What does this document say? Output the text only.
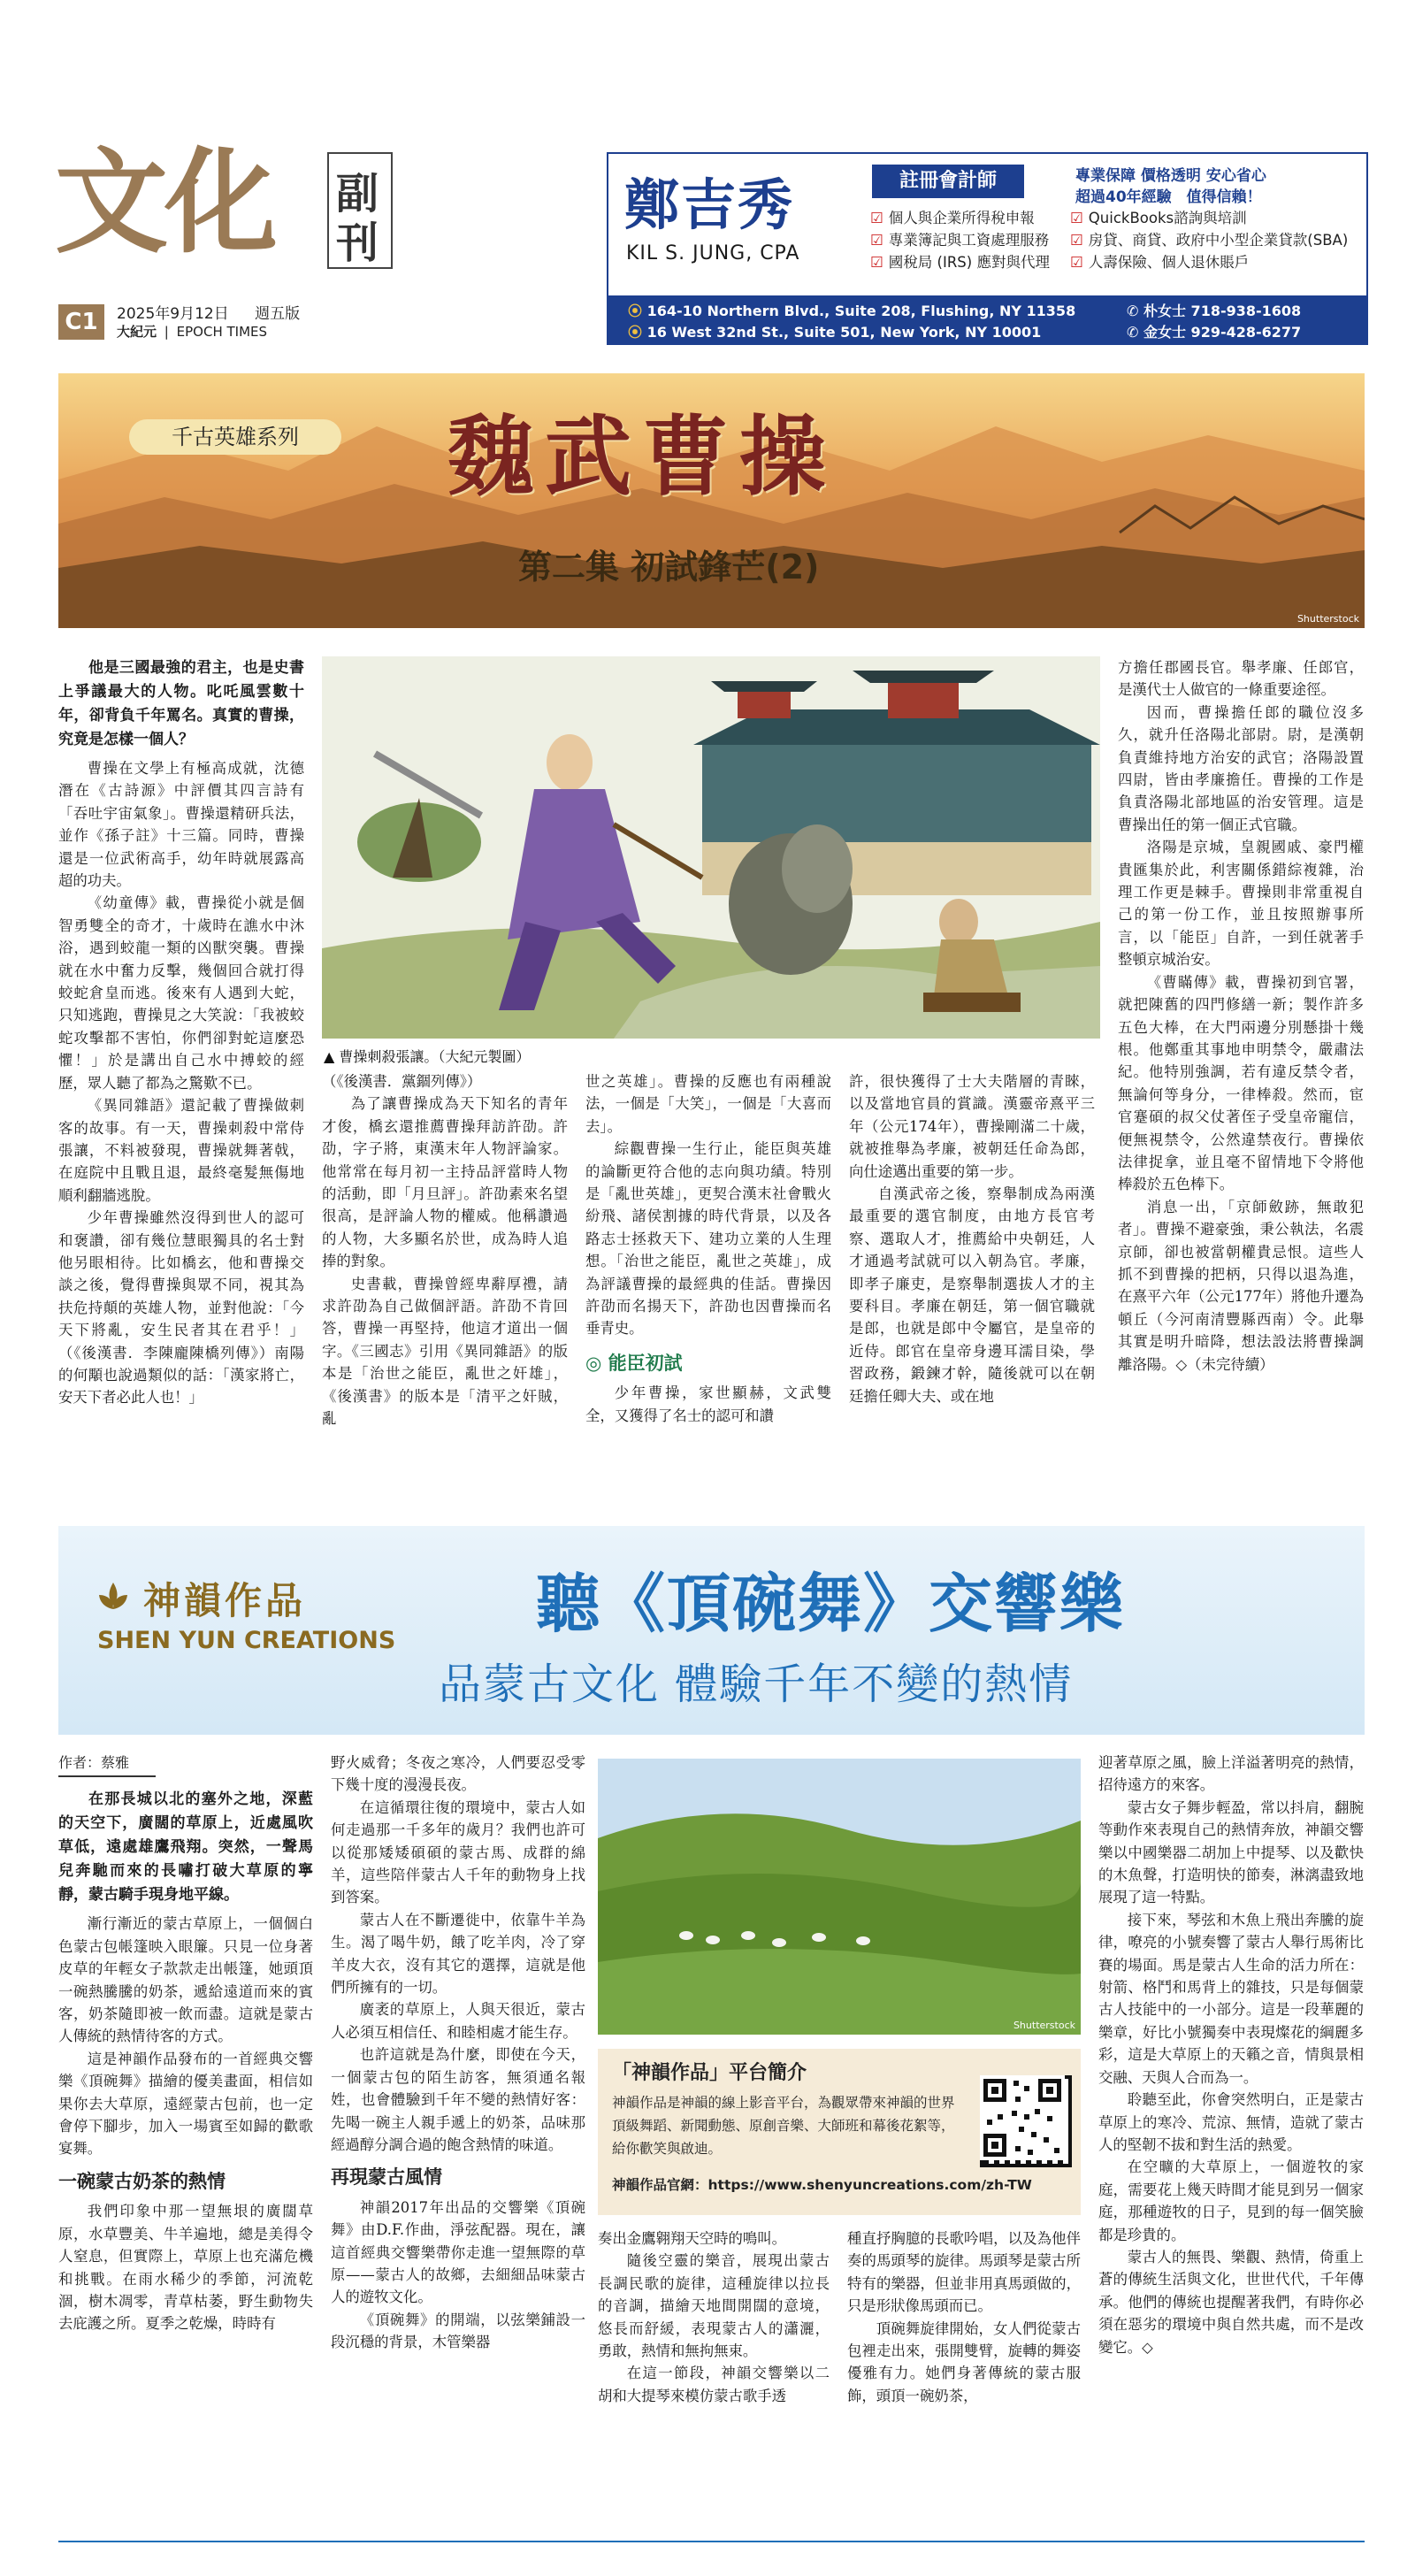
文化 副
刊
C1	2025年9月12日 週五版
大紀元 | EPOCH TIMES
鄭吉秀
KIL S. JUNG, CPA
註冊會計師	專業保障 價格透明 安心省心
超過40年經驗　值得信賴！
☑ 個人與企業所得稅申報
☑ 專業簿記與工資處理服務
☑ 國稅局 (IRS) 應對與代理
☑ QuickBooks諮詢與培訓
☑ 房貸、商貸、政府中小型企業貸款(SBA)
☑ 人壽保險、個人退休賬戶
⦿ 164-10 Northern Blvd., Suite 208, Flushing, NY 11358
⦿ 16 West 32nd St., Suite 501, New York, NY 10001
✆ 朴女士 718-938-1608
✆ 金女士 929-428-6277
千古英雄系列	魏武曹操
第二集 初試鋒芒(2)
Shutterstock

他是三國最強的君主，也是史書上爭議最大的人物。叱吒風雲數十年，卻背負千年罵名。真實的曹操，究竟是怎樣一個人？

曹操在文學上有極高成就，沈德潛在《古詩源》中評價其四言詩有「吞吐宇宙氣象」。曹操還精研兵法，並作《孫子註》十三篇。同時，曹操還是一位武術高手，幼年時就展露高超的功夫。

《幼童傳》載，曹操從小就是個智勇雙全的奇才，十歲時在譙水中沐浴，遇到蛟龍一類的凶獸突襲。曹操就在水中奮力反擊，幾個回合就打得蛟蛇倉皇而逃。後來有人遇到大蛇，只知逃跑，曹操見之大笑說：「我被蛟蛇攻擊都不害怕，你們卻對蛇這麼恐懼！」於是講出自己水中搏蛟的經歷，眾人聽了都為之驚歎不已。

《異同雜語》還記載了曹操做刺客的故事。有一天，曹操刺殺中常侍張讓，不料被發現，曹操就舞著戟，在庭院中且戰且退，最終毫髮無傷地順利翻牆逃脫。

少年曹操雖然沒得到世人的認可和褒讚，卻有幾位慧眼獨具的名士對他另眼相待。比如橋玄，他和曹操交談之後，覺得曹操與眾不同，視其為扶危持顛的英雄人物，並對他說：「今天下將亂，安生民者其在君乎！」（《後漢書．李陳龐陳橋列傳》）南陽的何顒也說過類似的話：「漢家將亡，安天下者必此人也！」

▲ 曹操刺殺張讓。（大紀元製圖）

（《後漢書．黨錮列傳》）

為了讓曹操成為天下知名的青年才俊，橋玄還推薦曹操拜訪許劭。許劭，字子將，東漢末年人物評論家。他常常在每月初一主持品評當時人物的活動，即「月旦評」。許劭素來名望很高，是評論人物的權威。他稱讚過的人物，大多顯名於世，成為時人追捧的對象。

史書載，曹操曾經卑辭厚禮，請求許劭為自己做個評語。許劭不肯回答，曹操一再堅持，他這才道出一個字。《三國志》引用《異同雜語》的版本是「治世之能臣，亂世之奸雄」，《後漢書》的版本是「清平之奸賊，亂

世之英雄」。曹操的反應也有兩種說法，一個是「大笑」，一個是「大喜而去」。

綜觀曹操一生行止，能臣與英雄的論斷更符合他的志向與功績。特別是「亂世英雄」，更契合漢末社會戰火紛飛、諸侯割據的時代背景，以及各路志士拯救天下、建功立業的人生理想。「治世之能臣，亂世之英雄」，成為評議曹操的最經典的佳話。曹操因許劭而名揚天下，許劭也因曹操而名垂青史。

◎ 能臣初試

少年曹操，家世顯赫，文武雙全，又獲得了名士的認可和讚

許，很快獲得了士大夫階層的青睞，以及當地官員的賞識。漢靈帝熹平三年（公元174年），曹操剛滿二十歲，就被推舉為孝廉，被朝廷任命為郎，向仕途邁出重要的第一步。

自漢武帝之後，察舉制成為兩漢最重要的選官制度，由地方長官考察、選取人才，推薦給中央朝廷，人才通過考試就可以入朝為官。孝廉，即孝子廉吏，是察舉制選拔人才的主要科目。孝廉在朝廷，第一個官職就是郎，也就是郎中令屬官，是皇帝的近侍。郎官在皇帝身邊耳濡目染，學習政務，鍛鍊才幹，隨後就可以在朝廷擔任卿大夫、或在地

方擔任郡國長官。舉孝廉、任郎官，是漢代士人做官的一條重要途徑。

因而，曹操擔任郎的職位沒多久，就升任洛陽北部尉。尉，是漢朝負責維持地方治安的武官；洛陽設置四尉，皆由孝廉擔任。曹操的工作是負責洛陽北部地區的治安管理。這是曹操出任的第一個正式官職。

洛陽是京城，皇親國戚、豪門權貴匯集於此，利害關係錯綜複雜，治理工作更是棘手。曹操則非常重視自己的第一份工作，並且按照辦事所言，以「能臣」自許，一到任就著手整頓京城治安。

《曹瞞傳》載，曹操初到官署，就把陳舊的四門修繕一新；製作許多五色大棒，在大門兩邊分別懸掛十幾根。他鄭重其事地申明禁令，嚴肅法紀。他特別強調，若有違反禁令者，無論何等身分，一律棒殺。然而，宦官蹇碩的叔父仗著侄子受皇帝寵信，便無視禁令，公然違禁夜行。曹操依法律捉拿，並且毫不留情地下令將他棒殺於五色棒下。

消息一出，「京師斂跡，無敢犯者」。曹操不避豪強，秉公執法，名震京師，卻也被當朝權貴忌恨。這些人抓不到曹操的把柄，只得以退為進，在熹平六年（公元177年）將他升遷為頓丘（今河南清豐縣西南）令。此舉其實是明升暗降，想法設法將曹操調離洛陽。◇（未完待續）

神韻作品
SHEN YUN CREATIONS 聽《頂碗舞》交響樂
品蒙古文化 體驗千年不變的熱情
作者：蔡雅

在那長城以北的塞外之地，深藍的天空下，廣闊的草原上，近處風吹草低，遠處雄鷹飛翔。突然，一聲馬兒奔馳而來的長嘯打破大草原的寧靜，蒙古騎手現身地平線。

漸行漸近的蒙古草原上，一個個白色蒙古包帳篷映入眼簾。只見一位身著皮草的年輕女子款款走出帳篷，她頭頂一碗熱騰騰的奶茶，遞給遠道而來的賓客，奶茶隨即被一飲而盡。這就是蒙古人傳統的熱情待客的方式。

這是神韻作品發布的一首經典交響樂《頂碗舞》描繪的優美畫面，相信如果你去大草原，遠經蒙古包前，也一定會停下腳步，加入一場賓至如歸的歡歌宴舞。

一碗蒙古奶茶的熱情

我們印象中那一望無垠的廣闊草原，水草豐美、牛羊遍地，總是美得令人窒息，但實際上，草原上也充滿危機和挑戰。在雨水稀少的季節，河流乾涸，樹木凋零，青草枯萎，野生動物失去庇護之所。夏季之乾燥，時時有

野火威脅；冬夜之寒冷，人們要忍受零下幾十度的漫漫長夜。

在這循環往復的環境中，蒙古人如何走過那一千多年的歲月？我們也許可以從那矮矮碩碩的蒙古馬、成群的綿羊，這些陪伴蒙古人千年的動物身上找到答案。

蒙古人在不斷遷徙中，依靠牛羊為生。渴了喝牛奶，餓了吃羊肉，冷了穿羊皮大衣，沒有其它的選擇，這就是他們所擁有的一切。

廣袤的草原上，人與天很近，蒙古人必須互相信任、和睦相處才能生存。

也許這就是為什麼，即使在今天，一個蒙古包的陌生訪客，無須通名報姓，也會體驗到千年不變的熱情好客：先喝一碗主人親手遞上的奶茶，品味那經過醇分調合過的飽含熱情的味道。

再現蒙古風情

神韻2017年出品的交響樂《頂碗舞》由D.F.作曲，淨弦配器。現在，讓這首經典交響樂帶你走進一望無際的草原——蒙古人的故鄉，去細細品味蒙古人的遊牧文化。

《頂碗舞》的開端，以弦樂鋪設一段沉穩的背景，木管樂器

Shutterstock
「神韻作品」平台簡介
神韻作品是神韻的線上影音平台，為觀眾帶來神韻的世界頂級舞蹈、新聞動態、原創音樂、大師班和幕後花絮等，給你歡笑與啟迪。
神韻作品官網：https://www.shenyuncreations.com/zh-TW

奏出金鷹翱翔天空時的鳴叫。

隨後空靈的樂音，展現出蒙古長調民歌的旋律，這種旋律以拉長的音調，描繪天地間開闊的意境，悠長而舒緩，表現蒙古人的瀟灑，勇敢，熱情和無拘無束。

在這一節段，神韻交響樂以二胡和大提琴來模仿蒙古歌手透

種直抒胸臆的長歌吟唱，以及為他伴奏的馬頭琴的旋律。馬頭琴是蒙古所特有的樂器，但並非用真馬頭做的，只是形狀像馬頭而已。

頂碗舞旋律開始，女人們從蒙古包裡走出來，張開雙臂，旋轉的舞姿優雅有力。她們身著傳統的蒙古服飾，頭頂一碗奶茶，

迎著草原之風，臉上洋溢著明亮的熱情，招待遠方的來客。

蒙古女子舞步輕盈，常以抖肩，翻腕等動作來表現自己的熱情奔放，神韻交響樂以中國樂器二胡加上中提琴、以及歡快的木魚聲，打造明快的節奏，淋漓盡致地展現了這一特點。

接下來，琴弦和木魚上飛出奔騰的旋律，嘹亮的小號奏響了蒙古人舉行馬術比賽的場面。馬是蒙古人生命的活力所在：射箭、格鬥和馬背上的雜技，只是每個蒙古人技能中的一小部分。這是一段華麗的樂章，好比小號獨奏中表現燦花的綱麗多彩，這是大草原上的天籟之音，情與景相交融、天與人合而為一。

聆聽至此，你會突然明白，正是蒙古草原上的寒冷、荒涼、無情，造就了蒙古人的堅韌不拔和對生活的熱愛。

在空曠的大草原上，一個遊牧的家庭，需要花上幾天時間才能見到另一個家庭，那種遊牧的日子，見到的每一個笑臉都是珍貴的。

蒙古人的無畏、樂觀、熱情，倚重上蒼的傳統生活與文化，世世代代，千年傳承。他們的傳統也提醒著我們，有時你必須在惡劣的環境中與自然共處，而不是改變它。◇
